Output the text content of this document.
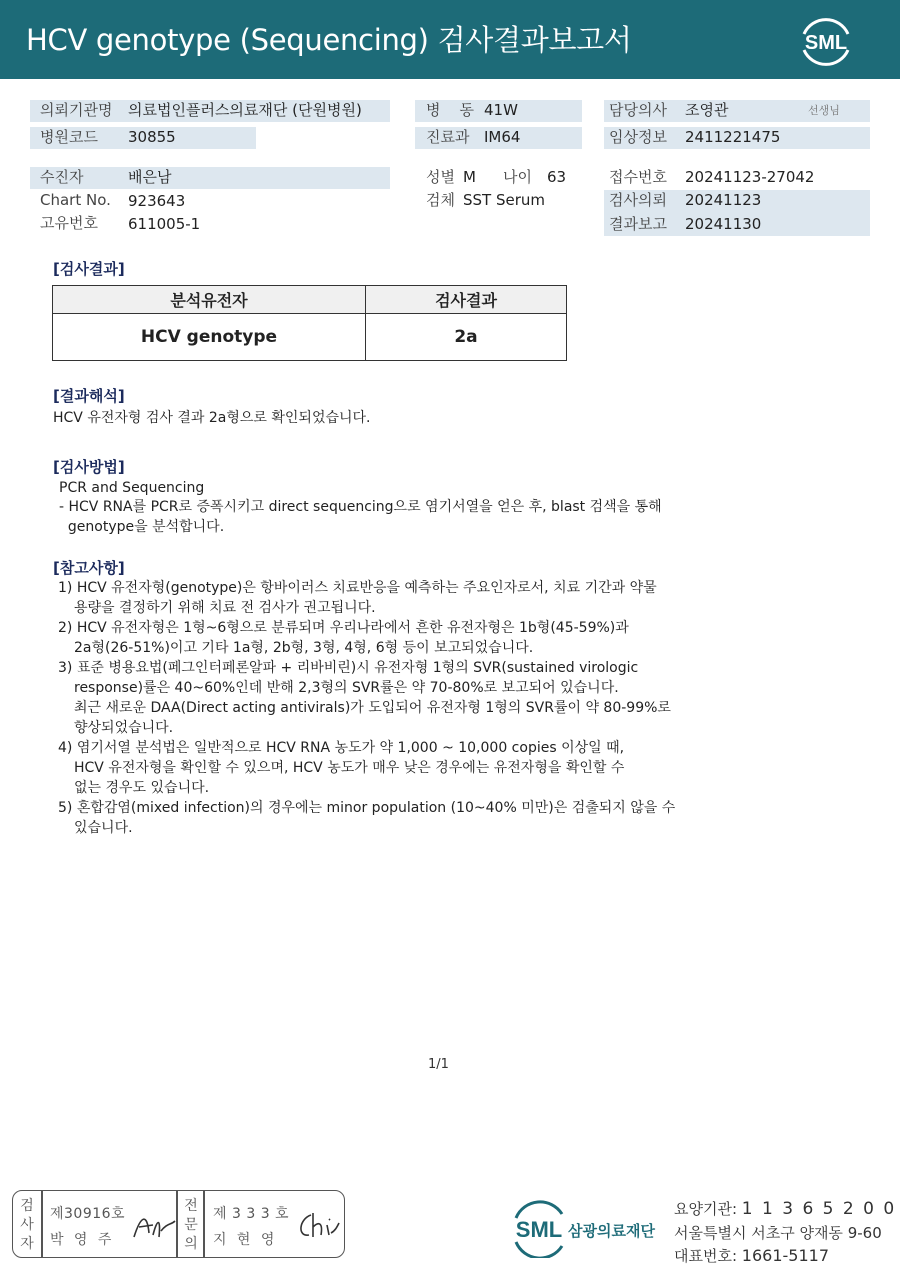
HCV genotype (Sequencing) 검사결과보고서	SML
의뢰기관명 의료법인플러스의료재단 (단원병원)
병원코드 30855
병    동 41W
진료과 IM64
담당의사 조영관	선생님
임상정보 2411221475
수진자	배은남
Chart No. 923643
고유번호 611005-1
성별 M 나이 63
검체 SST Serum
접수번호 20241123-27042
검사의뢰 20241123
결과보고 20241130
[검사결과]
분석유전자	검사결과
HCV genotype	2a
[결과해석]
HCV 유전자형 검사 결과 2a형으로 확인되었습니다.
[검사방법]
PCR and Sequencing
- HCV RNA를 PCR로 증폭시키고 direct sequencing으로 염기서열을 얻은 후, blast 검색을 통해
genotype을 분석합니다.
[참고사항]
1) HCV 유전자형(genotype)은 항바이러스 치료반응을 예측하는 주요인자로서, 치료 기간과 약물
용량을 결정하기 위해 치료 전 검사가 권고됩니다.
2) HCV 유전자형은 1형~6형으로 분류되며 우리나라에서 흔한 유전자형은 1b형(45-59%)과
2a형(26-51%)이고 기타 1a형, 2b형, 3형, 4형, 6형 등이 보고되었습니다.
3) 표준 병용요법(페그인터페론알파 + 리바비린)시 유전자형 1형의 SVR(sustained virologic
response)률은 40~60%인데 반해 2,3형의 SVR률은 약 70-80%로 보고되어 있습니다.
최근 새로운 DAA(Direct acting antivirals)가 도입되어 유전자형 1형의 SVR률이 약 80-99%로
향상되었습니다.
4) 염기서열 분석법은 일반적으로 HCV RNA 농도가 약 1,000 ~ 10,000 copies 이상일 때,
HCV 유전자형을 확인할 수 있으며, HCV 농도가 매우 낮은 경우에는 유전자형을 확인할 수
없는 경우도 있습니다.
5) 혼합감염(mixed infection)의 경우에는 minor population (10~40% 미만)은 검출되지 않을 수
있습니다.
1/1
검
사
자
제30916호
박  영  주
전
문
의
제 3 3 3 호
지  현  영	SML 삼광의료재단
요양기관: 1 1 3 6 5 2 0 0
서울특별시 서초구 양재동 9-60
대표번호: 1661-5117
